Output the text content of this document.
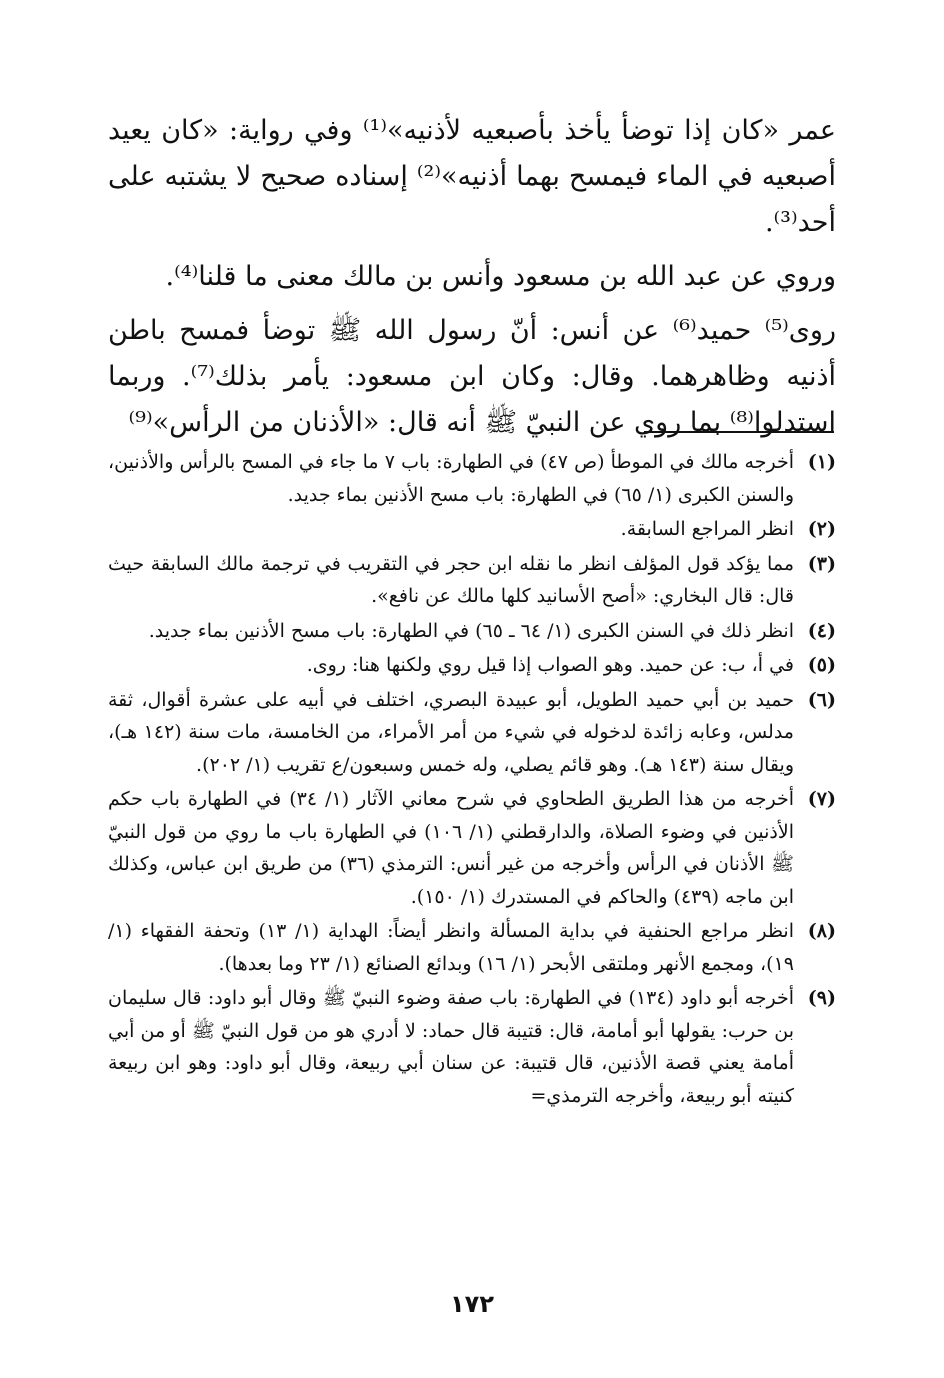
عمر «كان إذا توضأ يأخذ بأصبعيه لأذنيه»⁽¹⁾ وفي رواية: «كان يعيد أصبعيه في الماء فيمسح بهما أذنيه»⁽²⁾ إسناده صحيح لا يشتبه على أحد⁽³⁾.

وروي عن عبد الله بن مسعود وأنس بن مالك معنى ما قلنا⁽⁴⁾.

روى⁽⁵⁾ حميد⁽⁶⁾ عن أنس: أنّ رسول الله ﷺ توضأ فمسح باطن أذنيه وظاهرهما. وقال: وكان ابن مسعود: يأمر بذلك⁽⁷⁾. وربما استدلوا⁽⁸⁾ بما روي عن النبيّ ﷺ أنه قال: «الأذنان من الرأس»⁽⁹⁾

(١)
أخرجه مالك في الموطأ (ص ٤٧) في الطهارة: باب ٧ ما جاء في المسح بالرأس والأذنين، والسنن الكبرى (١/ ٦٥) في الطهارة: باب مسح الأذنين بماء جديد.
(٢)
انظر المراجع السابقة.
(٣)
مما يؤكد قول المؤلف انظر ما نقله ابن حجر في التقريب في ترجمة مالك السابقة حيث قال: قال البخاري: «أصح الأسانيد كلها مالك عن نافع».
(٤)
انظر ذلك في السنن الكبرى (١/ ٦٤ ـ ٦٥) في الطهارة: باب مسح الأذنين بماء جديد.
(٥)
في أ، ب: عن حميد. وهو الصواب إذا قيل روي ولكنها هنا: روى.
(٦)
حميد بن أبي حميد الطويل، أبو عبيدة البصري، اختلف في أبيه على عشرة أقوال، ثقة مدلس، وعابه زائدة لدخوله في شيء من أمر الأمراء، من الخامسة، مات سنة (١٤٢ هـ)، ويقال سنة (١٤٣ هـ). وهو قائم يصلي، وله خمس وسبعون/ع تقريب (١/ ٢٠٢).
(٧)
أخرجه من هذا الطريق الطحاوي في شرح معاني الآثار (١/ ٣٤) في الطهارة باب حكم الأذنين في وضوء الصلاة، والدارقطني (١/ ١٠٦) في الطهارة باب ما روي من قول النبيّ ﷺ الأذنان في الرأس وأخرجه من غير أنس: الترمذي (٣٦) من طريق ابن عباس، وكذلك ابن ماجه (٤٣٩) والحاكم في المستدرك (١/ ١٥٠).
(٨)
انظر مراجع الحنفية في بداية المسألة وانظر أيضاً: الهداية (١/ ١٣) وتحفة الفقهاء (١/ ١٩)، ومجمع الأنهر وملتقى الأبحر (١/ ١٦) وبدائع الصنائع (١/ ٢٣ وما بعدها).
(٩)
أخرجه أبو داود (١٣٤) في الطهارة: باب صفة وضوء النبيّ ﷺ وقال أبو داود: قال سليمان بن حرب: يقولها أبو أمامة، قال: قتيبة قال حماد: لا أدري هو من قول النبيّ ﷺ أو من أبي أمامة يعني قصة الأذنين، قال قتيبة: عن سنان أبي ربيعة، وقال أبو داود: وهو ابن ربيعة كنيته أبو ربيعة، وأخرجه الترمذي=
١٧٢
